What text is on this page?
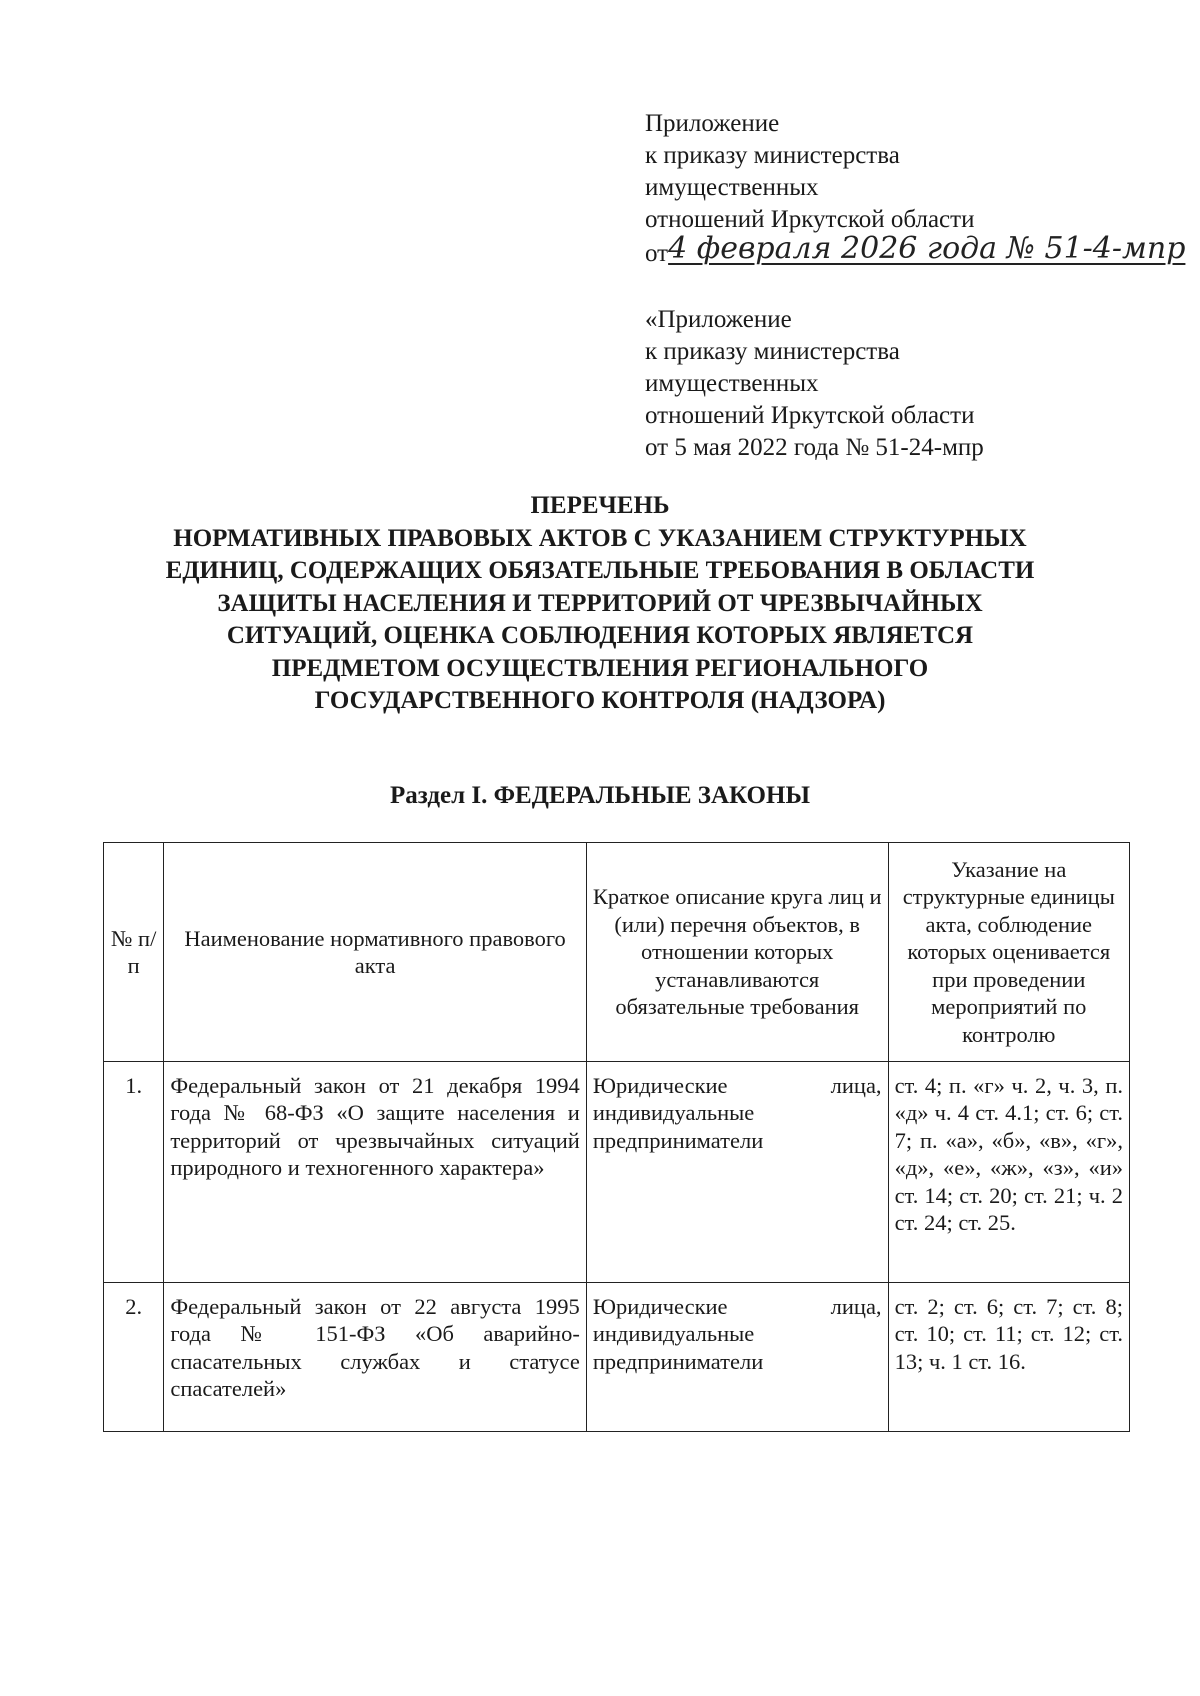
Приложение
к приказу министерства
имущественных
отношений Иркутской области
от4 февраля 2026 года № 51-4-мпр
«Приложение
к приказу министерства
имущественных
отношений Иркутской области
от 5 мая 2022 года № 51-24-мпр
ПЕРЕЧЕНЬ
НОРМАТИВНЫХ ПРАВОВЫХ АКТОВ С УКАЗАНИЕМ СТРУКТУРНЫХ
ЕДИНИЦ, СОДЕРЖАЩИХ ОБЯЗАТЕЛЬНЫЕ ТРЕБОВАНИЯ В ОБЛАСТИ
ЗАЩИТЫ НАСЕЛЕНИЯ И ТЕРРИТОРИЙ ОТ ЧРЕЗВЫЧАЙНЫХ
СИТУАЦИЙ, ОЦЕНКА СОБЛЮДЕНИЯ КОТОРЫХ ЯВЛЯЕТСЯ
ПРЕДМЕТОМ ОСУЩЕСТВЛЕНИЯ РЕГИОНАЛЬНОГО
ГОСУДАРСТВЕННОГО КОНТРОЛЯ (НАДЗОРА)
Раздел I. ФЕДЕРАЛЬНЫЕ ЗАКОНЫ
№ п/п	Наименование нормативного правового акта	Краткое описание круга лиц и (или) перечня объектов, в отношении которых устанавливаются обязательные требования	Указание на структурные единицы акта, соблюдение которых оценивается при проведении мероприятий по контролю
1.	Федеральный закон от 21 декабря 1994 года № 68-ФЗ «О защите населения и территорий от чрезвычайных ситуаций природного и техногенного характера»	Юридические лица, индивидуальные предприниматели	ст. 4; п. «г» ч. 2, ч. 3, п. «д» ч. 4 ст. 4.1; ст. 6; ст. 7; п. «а», «б», «в», «г», «д», «е», «ж», «з», «и» ст. 14; ст. 20; ст. 21; ч. 2 ст. 24; ст. 25.
2.	Федеральный закон от 22 августа 1995 года № 151-ФЗ «Об аварийно-спасательных службах и статусе спасателей»	Юридические лица, индивидуальные предприниматели	ст. 2; ст. 6; ст. 7; ст. 8; ст. 10; ст. 11; ст. 12; ст. 13; ч. 1 ст. 16.
